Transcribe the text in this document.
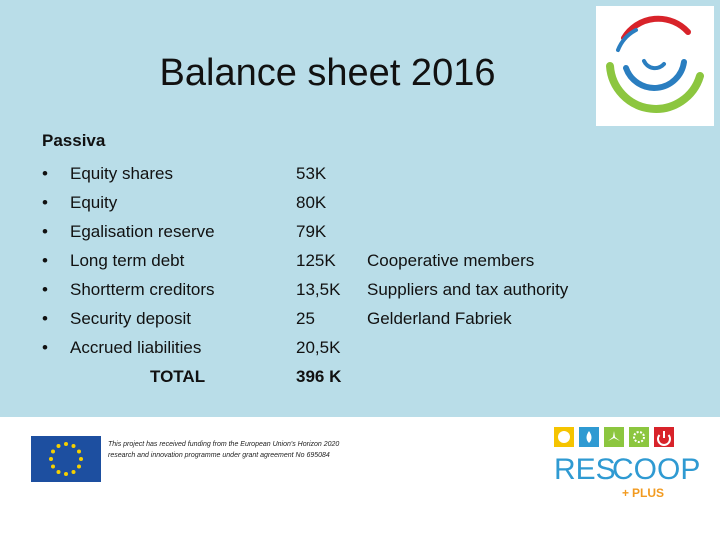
Balance sheet 2016
Passiva
•	Equity shares	53K
•	Equity	80K
•	Egalisation reserve	79K
•	Long term debt	125K Cooperative members
•	Shortterm creditors	13,5K Suppliers and tax authority
•	Security deposit	25	Gelderland Fabriek
•	Accrued liabilities	20,5K
TOTAL	396 K
This project has received funding from the European Union's Horizon 2020 research and innovation programme under grant agreement No 695084	RES
COOP
PLUS
+
